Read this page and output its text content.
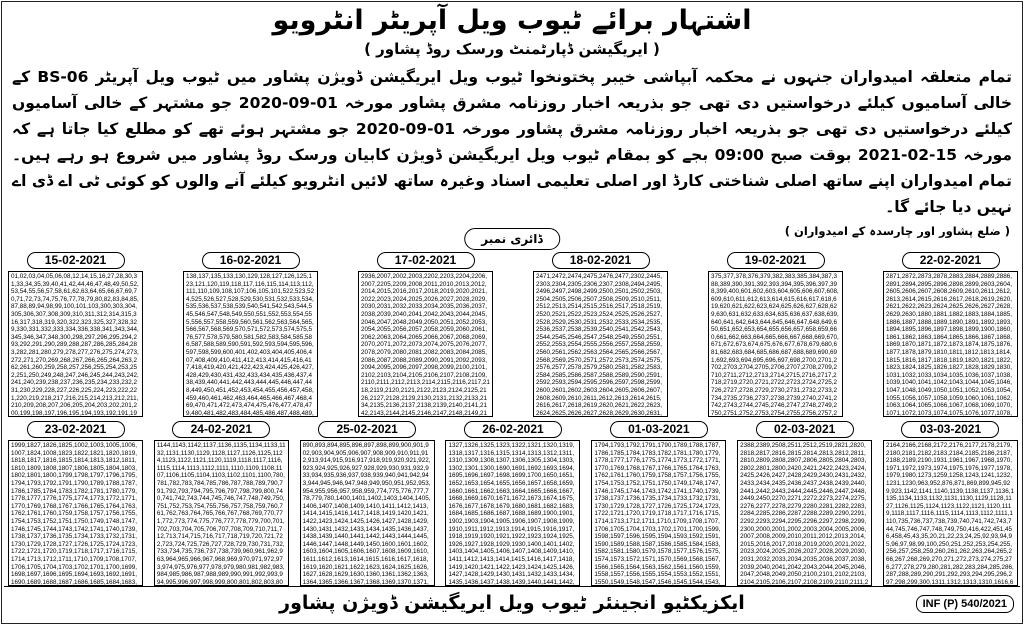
اشتہار برائے ٹیوب ویل آپریٹر انٹرویو
( ایریگیشن ڈپارٹمنٹ ورسک روڈ پشاور )

تمام متعلقہ امیدواران جنہوں نے محکمہ آبپاشی خیبر پختونخوا ٹیوب ویل ایریگیشن ڈویژن پشاور میں ٹیوب ویل آپریٹر BS-06 کے خالی آسامیوں کیلئے درخواستیں دی تھی جو بذریعہ اخبار روزنامہ مشرق پشاور مورخہ 01-09-2020 جو مشتہر کے خالی آسامیوں کیلئے درخواستیں دی تھی جو بذریعہ اخبار روزنامہ مشرق پشاور مورخہ 01-09-2020 جو مشتہر ہوئے تھے کو مطلع کیا جاتا ہے کہ مورخہ 15-02-2021 بوقت صبح 09:00 بجے کو بمقام ٹیوب ویل ایریگیشن ڈویژن کابیان ورسک روڈ پشاور میں شروع ہو رہے ہیں۔ تمام امیدواران اپنے ساتھ اصلی شناختی کارڈ اور اصلی تعلیمی اسناد وغیرہ ساتھ لائیں انٹرویو کیلئے آنے والوں کو کوئی ٹی اے ڈی اے نہیں دیا جائے گا۔

( ضلع پشاور اور چارسدہ کے امیدواران )
ڈائری نمبر
15-02-2021
01,02,03,04,05,06,08,12,14,15,16,27,28,30,31,33,34,35,39,40,41,42,44,46,47,48,49,50,52,53,54,55,56,57,58,61,62,63,64,65,66,67,69,70,71,72,73,74,75,76,77,78,79,80,82,83,84,85,87,88,89,94,98,99,100,101,103,300,303,304,305,306,307,308,309,310,311,312,314,315,316,317,318,319,320,322,323,325,327,328,329,330,331,332,333,334,336,338,341,343,344,345,346,347,348,300,298,297,296,295,294,293,292,291,290,289,288,287,286,285,284,283,282,281,280,279,278,277,276,275,274,273,272,271,270,269,268,267,266,265,264,263,262,261,260,259,258,257,256,255,254,253,252,251,250,249,248,247,246,245,244,243,242,241,240,239,238,237,236,235,234,233,232,231,230,229,228,227,226,225,224,223,222,221,220,219,218,217,216,215,214,213,212,211,210,209,208,207,206,205,204,203,202,201,200,199,198,197,196,195,194,193,192,191,19
16-02-2021
138,137,135,133,130,129,128,127,126,125,123,121,120,119,118,117,116,115,114,113,112,111,110,109,108,107,106,105,101,522,523,524,525,526,527,528,529,530,531,532,533,534,535,536,537,538,539,540,541,542,543,544,545,546,547,548,549,550,551,552,553,554,555,556,557,558,559,560,561,562,563,564,565,566,567,568,569,570,571,572,573,574,575,576,577,578,579,580,581,582,583,584,585,586,587,588,589,590,591,592,593,594,595,596,597,598,599,600,401,402,403,404,405,406,407,408,409,410,411,412,413,414,415,416,417,418,419,420,421,422,423,424,425,426,427,428,429,430,431,432,433,434,435,436,437,438,439,440,441,442,443,444,445,446,447,448,449,450,451,452,453,454,455,456,457,458,459,460,461,462,463,464,465,466,467,468,469,470,471,472,473,474,475,476,477,478,479,480,481,482,483,484,485,486,487,488,489,
17-02-2021
2936,2007,2002,2003,2202,2203,2204,2206,2007,2205,2209,2008,2011,2010,2013,2012,2014,2015,2016,2017,2018,2019,2020,2021,2022,2023,2024,2025,2026,2027,2028,2029,2030,2031,2032,2033,2034,2035,2036,2037,2038,2039,2040,2041,2042,2043,2044,2045,2046,2047,2048,2049,2050,2051,2052,2053,2054,2055,2056,2057,2058,2059,2060,2061,2062,2063,2064,2065,2066,2067,2068,2069,2070,2071,2072,2073,2074,2075,2076,2077,2078,2079,2080,2081,2082,2083,2084,2085,2086,2087,2088,2089,2090,2091,2092,2093,2094,2095,2096,2097,2098,2099,2100,2101,2102,2103,2104,2105,2106,2107,2108,2109,2110,2111,2112,2113,2114,2115,2116,2117,2118,2119,2120,2121,2122,2123,2124,2125,2126,2127,2128,2129,2130,2131,2132,2133,2134,2135,2136,2137,2138,2139,2140,2141,2142,2143,2144,2145,2146,2147,2148,2149,21
18-02-2021
2471,2472,2474,2475,2476,2477,2302,2445,2303,2304,2305,2306,2307,2308,2494,2495,2496,2497,2498,2499,2500,2501,2502,2503,2504,2505,2506,2507,2508,2509,2510,2511,2512,2513,2514,2515,2516,2517,2518,2519,2520,2521,2522,2523,2524,2525,2526,2527,2528,2529,2530,2531,2532,2533,2534,2535,2536,2537,2538,2539,2540,2541,2542,2543,2544,2545,2546,2547,2548,2549,2550,2551,2552,2553,2554,2555,2556,2557,2558,2559,2560,2561,2562,2563,2564,2565,2566,2567,2568,2569,2570,2571,2572,2573,2574,2575,2576,2577,2578,2579,2580,2581,2582,2583,2584,2585,2586,2587,2588,2589,2590,2591,2592,2593,2594,2595,2596,2597,2598,2599,2600,2601,2602,2603,2604,2605,2606,2607,2608,2609,2610,2611,2612,2613,2614,2615,2616,2617,2618,2619,2620,2621,2622,2623,2624,2625,2626,2627,2628,2629,2630,2631,
19-02-2021
375,377,378,376,379,382,383,385,384,387,388,389,390,391,392,393,394,395,396,397,398,399,400,601,602,603,604,605,606,607,608,609,610,611,612,613,614,615,616,617,618,619,620,621,622,623,624,625,626,627,628,629,630,631,632,633,634,635,636,637,638,639,640,641,642,643,644,645,646,647,648,649,650,651,652,653,654,655,656,657,658,659,660,661,662,663,664,665,666,667,668,669,670,671,672,673,674,675,676,677,678,679,680,681,682,683,684,685,686,687,688,689,690,691,692,693,694,695,696,697,698,2700,2701,2702,2703,2704,2705,2706,2707,2708,2709,2710,2711,2712,2713,2714,2715,2716,2717,2718,2719,2720,2721,2722,2723,2724,2725,2726,2727,2728,2729,2730,2731,2732,2733,2734,2735,2736,2737,2738,2739,2740,2741,2742,2743,2744,2745,2746,2747,2748,2749,2750,2751,2752,2753,2754,2755,2756,2757,2
22-02-2021
2871,2872,2873,2878,2883,2884,2889,2886,2891,2894,2895,2896,2898,2899,2603,2604,2605,2606,2607,2608,2609,2610,2611,2612,2613,2614,2615,2616,2617,2618,2619,2620,2621,2622,2623,2624,2625,2626,2627,2628,2629,2630,1880,1881,1882,1883,1884,1885,1886,1887,1888,1889,1890,1891,1892,1893,1894,1895,1896,1897,1898,1899,1900,1860,1861,1862,1863,1864,1865,1866,1867,1868,1869,1870,1871,1872,1873,1874,1875,1876,1877,1878,1879,1810,1811,1812,1813,1814,1815,1816,1817,1818,1819,1820,1821,1822,1823,1824,1825,1826,1827,1828,1829,1830,1031,1032,1033,1034,1035,1036,1037,1038,1039,1040,1041,1042,1043,1044,1045,1046,1047,1048,1049,1050,1051,1052,1053,1054,1055,1056,1057,1058,1059,1060,1061,1062,1063,1064,1065,1066,1067,1068,1069,1070,1071,1072,1073,1074,1075,1076,1077,1078,
23-02-2021
1999,1827,1826,1825,1002,1003,1005,1006,1007,1824,1008,1823,1822,1821,1820,1819,1818,1817,1816,1815,1814,1813,1812,1811,1810,1809,1808,1807,1806,1805,1804,1803,1802,1801,1800,1799,1798,1797,1796,1795,1794,1793,1792,1791,1790,1789,1788,1787,1786,1785,1784,1783,1782,1781,1780,1779,1778,1777,1776,1775,1774,1773,1772,1771,1770,1769,1768,1767,1766,1765,1764,1763,1762,1761,1760,1759,1758,1757,1756,1755,1754,1753,1752,1751,1750,1749,1748,1747,1746,1745,1744,1743,1742,1741,1740,1739,1738,1737,1736,1735,1734,1733,1732,1731,1730,1729,1728,1727,1726,1725,1724,1723,1722,1721,1720,1719,1718,1717,1716,1715,1714,1713,1712,1711,1710,1709,1708,1707,1706,1705,1704,1703,1702,1701,1700,1699,1698,1697,1696,1695,1694,1693,1692,1691,1690,1689,1688,1687,1686,1685,1684,1683,
24-02-2021
1144,1143,1142,1137,1136,1135,1134,1133,1132,1131,1130,1129,1128,1127,1126,1125,1124,1123,1122,1121,1120,1119,1118,1117,1116,1115,1114,1113,1112,1111,1110,1109,1108,1107,1106,1105,1104,1103,1102,1101,1100,780,781,782,783,784,785,786,787,788,789,790,791,792,793,794,795,796,797,798,799,800,740,741,742,743,744,745,746,747,748,749,750,751,752,753,754,755,756,757,758,759,760,761,762,763,764,765,766,767,768,769,770,771,772,773,774,775,776,777,778,779,700,701,702,703,704,705,706,707,708,709,710,711,712,713,714,715,716,717,718,719,720,721,722,723,724,725,726,727,728,729,730,731,732,733,734,735,736,737,738,739,960,961,962,963,964,965,966,967,968,969,970,971,972,973,974,975,976,977,978,979,980,981,982,983,984,985,986,987,988,989,990,991,992,993,994,995,996,997,998,999,800,801,802,803,80
25-02-2021
890,893,894,895,896,897,898,899,900,901,902,903,904,905,906,907,908,909,910,911,912,913,914,915,916,917,918,919,920,921,922,923,924,925,926,927,928,929,930,931,932,933,934,935,936,937,938,939,940,941,942,943,944,945,946,947,948,949,950,951,952,953,954,955,956,957,958,959,774,775,776,777,778,779,780,1400,1401,1402,1403,1404,1405,1406,1407,1408,1409,1410,1411,1412,1413,1414,1415,1416,1417,1418,1419,1420,1421,1422,1423,1424,1425,1426,1427,1428,1429,1430,1431,1432,1433,1434,1435,1436,1437,1438,1439,1440,1441,1442,1443,1444,1445,1446,1447,1448,1449,1450,1600,1601,1602,1603,1604,1605,1606,1607,1608,1609,1610,1611,1612,1613,1614,1615,1616,1617,1618,1619,1620,1621,1622,1623,1624,1625,1626,1627,1628,1629,1630,1360,1361,1362,1363,1364,1365,1366,1367,1368,1369,1370,1371,
26-02-2021
1327,1326,1325,1323,1322,1321,1320,1319,1318,1317,1316,1315,1314,1313,1312,1311,1310,1309,1308,1307,1306,1305,1304,1303,1302,1301,1300,1690,1691,1692,1693,1694,1695,1696,1697,1698,1699,1700,1650,1651,1652,1653,1654,1655,1656,1657,1658,1659,1660,1661,1662,1663,1664,1665,1666,1667,1668,1669,1670,1671,1672,1673,1674,1675,1676,1677,1678,1679,1680,1681,1682,1683,1684,1685,1686,1687,1688,1689,1900,1901,1902,1903,1904,1905,1906,1907,1908,1909,1910,1911,1912,1913,1914,1915,1916,1917,1918,1919,1920,1921,1922,1923,1924,1925,1926,1927,1928,1929,1930,1400,1401,1402,1403,1404,1405,1406,1407,1408,1409,1410,1411,1412,1413,1414,1415,1416,1417,1418,1419,1420,1421,1422,1423,1424,1425,1426,1427,1428,1429,1430,1431,1432,1433,1434,1435,1436,1437,1438,1439,1440,1441,1442,
01-03-2021
1794,1793,1792,1791,1790,1789,1788,1787,1786,1785,1784,1783,1782,1781,1780,1779,1778,1777,1776,1775,1774,1773,1772,1771,1770,1769,1768,1767,1766,1765,1764,1763,1762,1761,1760,1759,1758,1757,1756,1755,1754,1753,1752,1751,1750,1749,1748,1747,1746,1745,1744,1743,1742,1741,1740,1739,1738,1737,1736,1735,1734,1733,1732,1731,1730,1729,1728,1727,1726,1725,1724,1723,1722,1721,1720,1719,1718,1717,1716,1715,1714,1713,1712,1711,1710,1709,1708,1707,1706,1705,1704,1703,1702,1701,1700,1599,1598,1597,1596,1595,1594,1593,1592,1591,1590,1589,1588,1587,1586,1585,1584,1583,1582,1581,1580,1579,1578,1577,1576,1575,1574,1573,1572,1571,1570,1569,1568,1567,1566,1565,1564,1563,1562,1561,1560,1559,1558,1557,1556,1555,1554,1553,1552,1551,1550,1549,1548,1547,1546,1545,1544,1543,
02-03-2021
2388,2389,2508,2511,2512,2519,2821,2820,2818,2817,2816,2815,2814,2813,2812,2811,2810,2809,2808,2807,2806,2805,2804,2803,2802,2801,2800,2420,2421,2422,2423,2424,2425,2426,2427,2428,2429,2430,2431,2432,2433,2434,2435,2436,2437,2438,2439,2440,2441,2442,2443,2444,2445,2446,2447,2448,2449,2450,2270,2271,2272,2273,2274,2275,2276,2277,2278,2279,2280,2281,2282,2283,2284,2285,2286,2287,2288,2289,2290,2291,2292,2293,2294,2295,2296,2297,2298,2299,2300,2000,2001,2002,2003,2004,2005,2006,2007,2008,2009,2010,2011,2012,2013,2014,2015,2016,2017,2018,2019,2020,2021,2022,2023,2024,2025,2026,2027,2028,2029,2030,2031,2032,2033,2034,2035,2036,2037,2038,2039,2040,2041,2042,2043,2044,2045,2046,2047,2048,2049,2050,2100,2101,2102,2103,2104,2105,2106,2107,2108,2109,2110,2111,2
03-03-2021
2164,2166,2168,2172,2176,2177,2178,2179,2180,2181,2182,2183,2184,2185,2186,2187,2188,2189,2190,1931,1961,1967,1968,1970,1971,1972,1973,1974,1975,1976,1977,1978,1979,1980,1273,1259,1258,1243,1241,1232,1231,1230,963,952,876,871,869,899,945,929,923,1142,1141,1140,1139,1138,1137,1136,1135,1134,1133,1132,1131,1130,1129,1128,1127,1126,1125,1124,1123,1122,1121,1120,1119,1118,1117,1116,1115,1114,1113,1112,1111,1110,735,736,737,738,739,740,741,742,743,744,745,746,747,748,749,750,416,422,451,456,458,45,43,35,20,21,22,23,24,25,92,93,94,95,96,97,98,99,100,250,251,252,253,254,255,256,257,258,259,260,261,262,263,264,265,266,267,268,269,270,271,272,273,274,275,276,277,278,279,280,281,282,283,284,285,286,287,288,289,290,291,292,293,294,295,296,297,298,299,300,1311,1312,1313,1310,1616,6
ایکزیکٹیو انجینئر ٹیوب ویل ایریگیشن ڈویژن پشاور	INF (P) 540/2021
